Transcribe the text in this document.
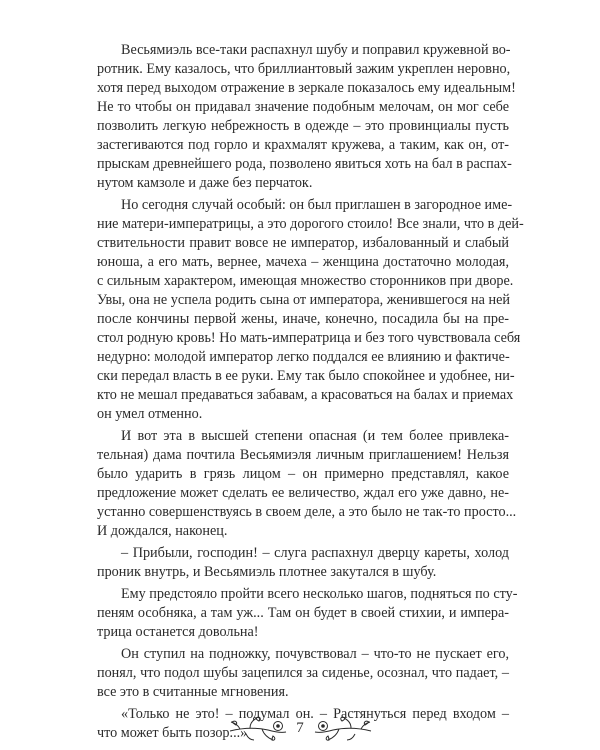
Весьямиэль все-таки распахнул шубу и поправил кружевной во-
ротник. Ему казалось, что бриллиантовый зажим укреплен неровно,
хотя перед выходом отражение в зеркале показалось ему идеальным!
Не то чтобы он придавал значение подобным мелочам, он мог себе
позволить легкую небрежность в одежде – это провинциалы пусть
застегиваются под горло и крахмалят кружева, а таким, как он, от-
прыскам древнейшего рода, позволено явиться хоть на бал в распах-
нутом камзоле и даже без перчаток.
Но сегодня случай особый: он был приглашен в загородное име-
ние матери-императрицы, а это дорогого стоило! Все знали, что в дей-
ствительности правит вовсе не император, избалованный и слабый
юноша, а его мать, вернее, мачеха – женщина достаточно молодая,
с сильным характером, имеющая множество сторонников при дворе.
Увы, она не успела родить сына от императора, женившегося на ней
после кончины первой жены, иначе, конечно, посадила бы на пре-
стол родную кровь! Но мать-императрица и без того чувствовала себя
недурно: молодой император легко поддался ее влиянию и фактиче-
ски передал власть в ее руки. Ему так было спокойнее и удобнее, ни-
кто не мешал предаваться забавам, а красоваться на балах и приемах
он умел отменно.
И вот эта в высшей степени опасная (и тем более привлека-
тельная) дама почтила Весьямиэля личным приглашением! Нельзя
было ударить в грязь лицом – он примерно представлял, какое
предложение может сделать ее величество, ждал его уже давно, не-
устанно совершенствуясь в своем деле, а это было не так-то просто...
И дождался, наконец.
– Прибыли, господин! – слуга распахнул дверцу кареты, холод
проник внутрь, и Весьямиэль плотнее закутался в шубу.
Ему предстояло пройти всего несколько шагов, подняться по сту-
пеням особняка, а там уж... Там он будет в своей стихии, и импера-
трица останется довольна!
Он ступил на подножку, почувствовал – что-то не пускает его,
понял, что подол шубы зацепился за сиденье, осознал, что падает, –
все это в считанные мгновения.
«Только не это! – подумал он. – Растянуться перед входом –
что может быть позор...»	7
